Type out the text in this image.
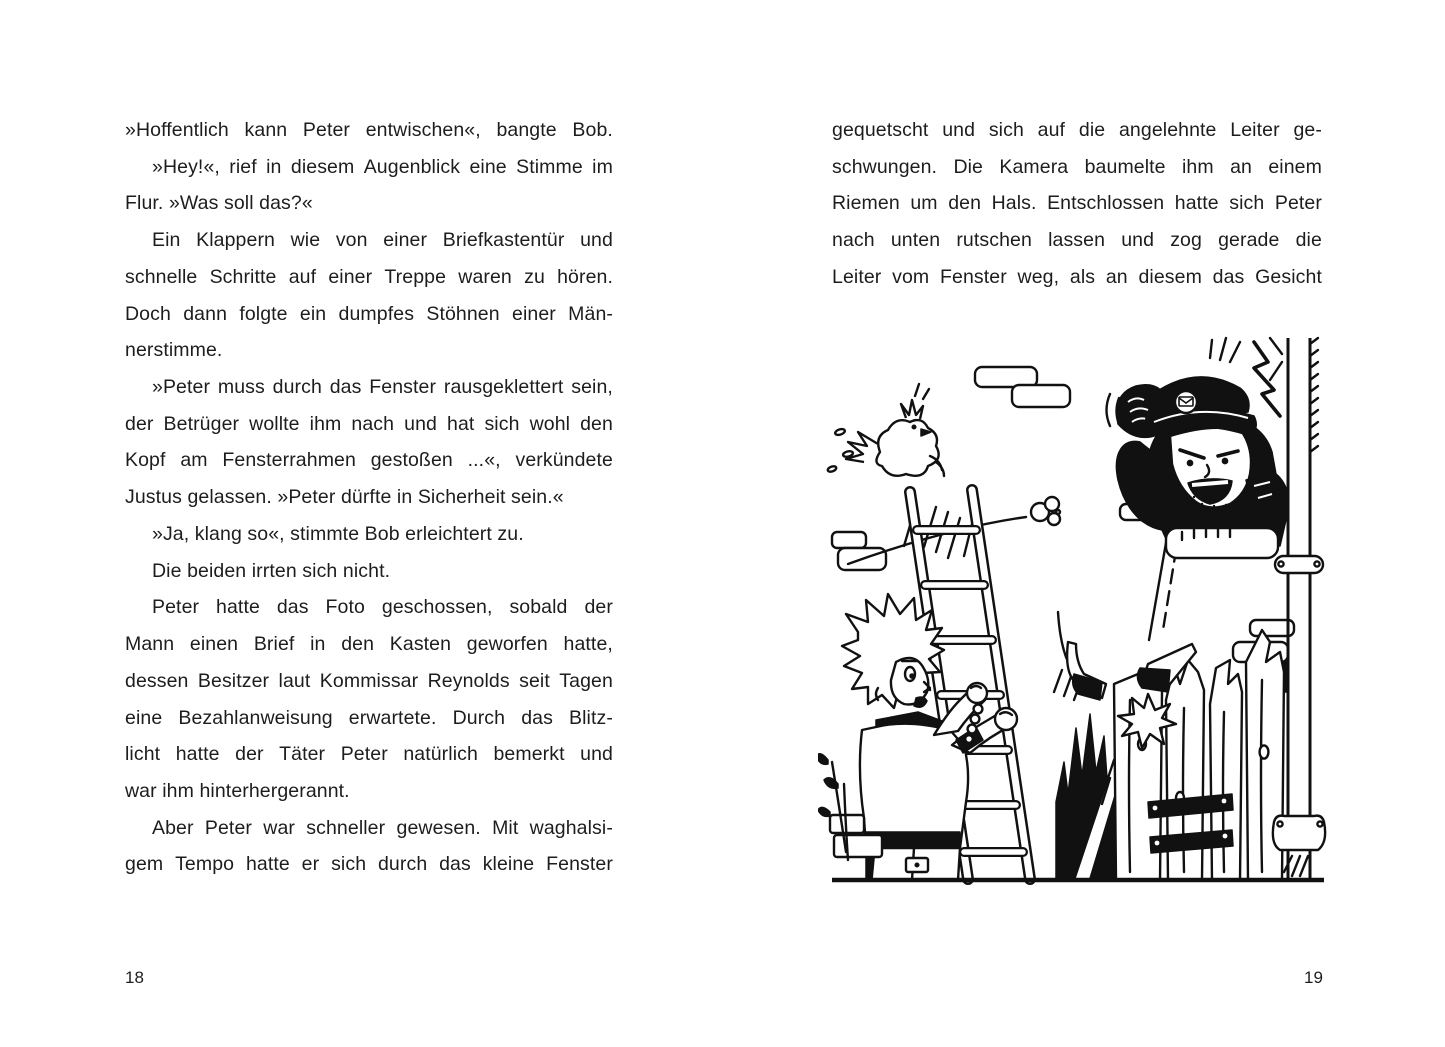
»Hoffentlich kann Peter entwischen«, bangte Bob.
»Hey!«, rief in diesem Augenblick eine Stimme im
Flur. »Was soll das?«
Ein Klappern wie von einer Briefkastentür und
schnelle Schritte auf einer Treppe waren zu hören.
Doch dann folgte ein dumpfes Stöhnen einer Män-
nerstimme.
»Peter muss durch das Fenster rausgeklettert sein,
der Betrüger wollte ihm nach und hat sich wohl den
Kopf am Fensterrahmen gestoßen ...«, verkündete
Justus gelassen. »Peter dürfte in Sicherheit sein.«
»Ja, klang so«, stimmte Bob erleichtert zu.
Die beiden irrten sich nicht.
Peter hatte das Foto geschossen, sobald der
Mann einen Brief in den Kasten geworfen hatte,
dessen Besitzer laut Kommissar Reynolds seit Tagen
eine Bezahlanweisung erwartete. Durch das Blitz-
licht hatte der Täter Peter natürlich bemerkt und
war ihm hinterhergerannt.
Aber Peter war schneller gewesen. Mit waghalsi-
gem Tempo hatte er sich durch das kleine Fenster
gequetscht und sich auf die angelehnte Leiter ge-
schwungen. Die Kamera baumelte ihm an einem
Riemen um den Hals. Entschlossen hatte sich Peter
nach unten rutschen lassen und zog gerade die
Leiter vom Fenster weg, als an diesem das Gesicht
18	19
